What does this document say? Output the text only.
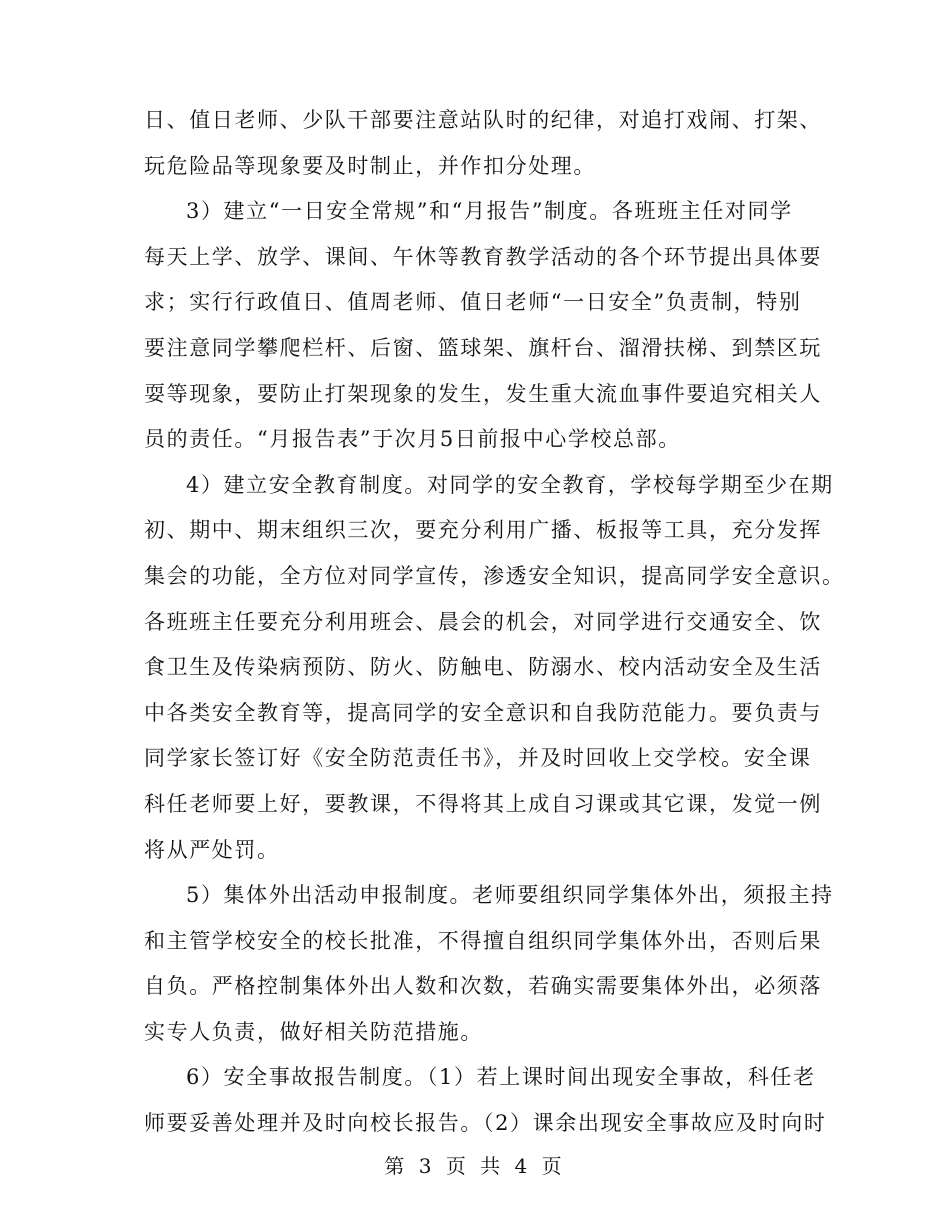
日、值日老师、少队干部要注意站队时的纪律，对追打戏闹、打架、
玩危险品等现象要及时制止，并作扣分处理。
3）建立“一日安全常规”和“月报告”制度。各班班主任对同学
每天上学、放学、课间、午休等教育教学活动的各个环节提出具体要
求；实行行政值日、值周老师、值日老师“一日安全”负责制，特别
要注意同学攀爬栏杆、后窗、篮球架、旗杆台、溜滑扶梯、到禁区玩
耍等现象，要防止打架现象的发生，发生重大流血事件要追究相关人
员的责任。“月报告表”于次月5日前报中心学校总部。
4）建立安全教育制度。对同学的安全教育，学校每学期至少在期
初、期中、期末组织三次，要充分利用广播、板报等工具，充分发挥
集会的功能，全方位对同学宣传，渗透安全知识，提高同学安全意识。
各班班主任要充分利用班会、晨会的机会，对同学进行交通安全、饮
食卫生及传染病预防、防火、防触电、防溺水、校内活动安全及生活
中各类安全教育等，提高同学的安全意识和自我防范能力。要负责与
同学家长签订好《安全防范责任书》，并及时回收上交学校。安全课
科任老师要上好，要教课，不得将其上成自习课或其它课，发觉一例
将从严处罚。
5）集体外出活动申报制度。老师要组织同学集体外出，须报主持
和主管学校安全的校长批准，不得擅自组织同学集体外出，否则后果
自负。严格控制集体外出人数和次数，若确实需要集体外出，必须落
实专人负责，做好相关防范措施。
6）安全事故报告制度。（1）若上课时间出现安全事故，科任老
师要妥善处理并及时向校长报告。（2）课余出现安全事故应及时向时
第 3 页 共 4 页
